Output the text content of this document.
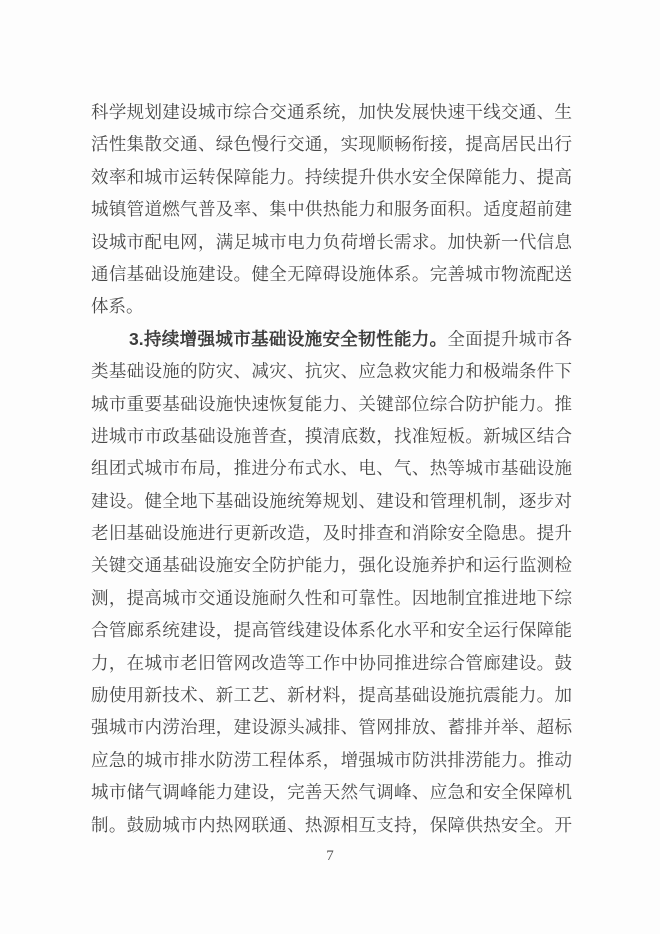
科学规划建设城市综合交通系统，加快发展快速干线交通、生
活性集散交通、绿色慢行交通，实现顺畅衔接，提高居民出行
效率和城市运转保障能力。持续提升供水安全保障能力、提高
城镇管道燃气普及率、集中供热能力和服务面积。适度超前建
设城市配电网，满足城市电力负荷增长需求。加快新一代信息
通信基础设施建设。健全无障碍设施体系。完善城市物流配送
体系。
3.持续增强城市基础设施安全韧性能力。全面提升城市各
类基础设施的防灾、减灾、抗灾、应急救灾能力和极端条件下
城市重要基础设施快速恢复能力、关键部位综合防护能力。推
进城市市政基础设施普查，摸清底数，找准短板。新城区结合
组团式城市布局，推进分布式水、电、气、热等城市基础设施
建设。健全地下基础设施统筹规划、建设和管理机制，逐步对
老旧基础设施进行更新改造，及时排查和消除安全隐患。提升
关键交通基础设施安全防护能力，强化设施养护和运行监测检
测，提高城市交通设施耐久性和可靠性。因地制宜推进地下综
合管廊系统建设，提高管线建设体系化水平和安全运行保障能
力，在城市老旧管网改造等工作中协同推进综合管廊建设。鼓
励使用新技术、新工艺、新材料，提高基础设施抗震能力。加
强城市内涝治理，建设源头减排、管网排放、蓄排并举、超标
应急的城市排水防涝工程体系，增强城市防洪排涝能力。推动
城市储气调峰能力建设，完善天然气调峰、应急和安全保障机
制。鼓励城市内热网联通、热源相互支持，保障供热安全。开
7
